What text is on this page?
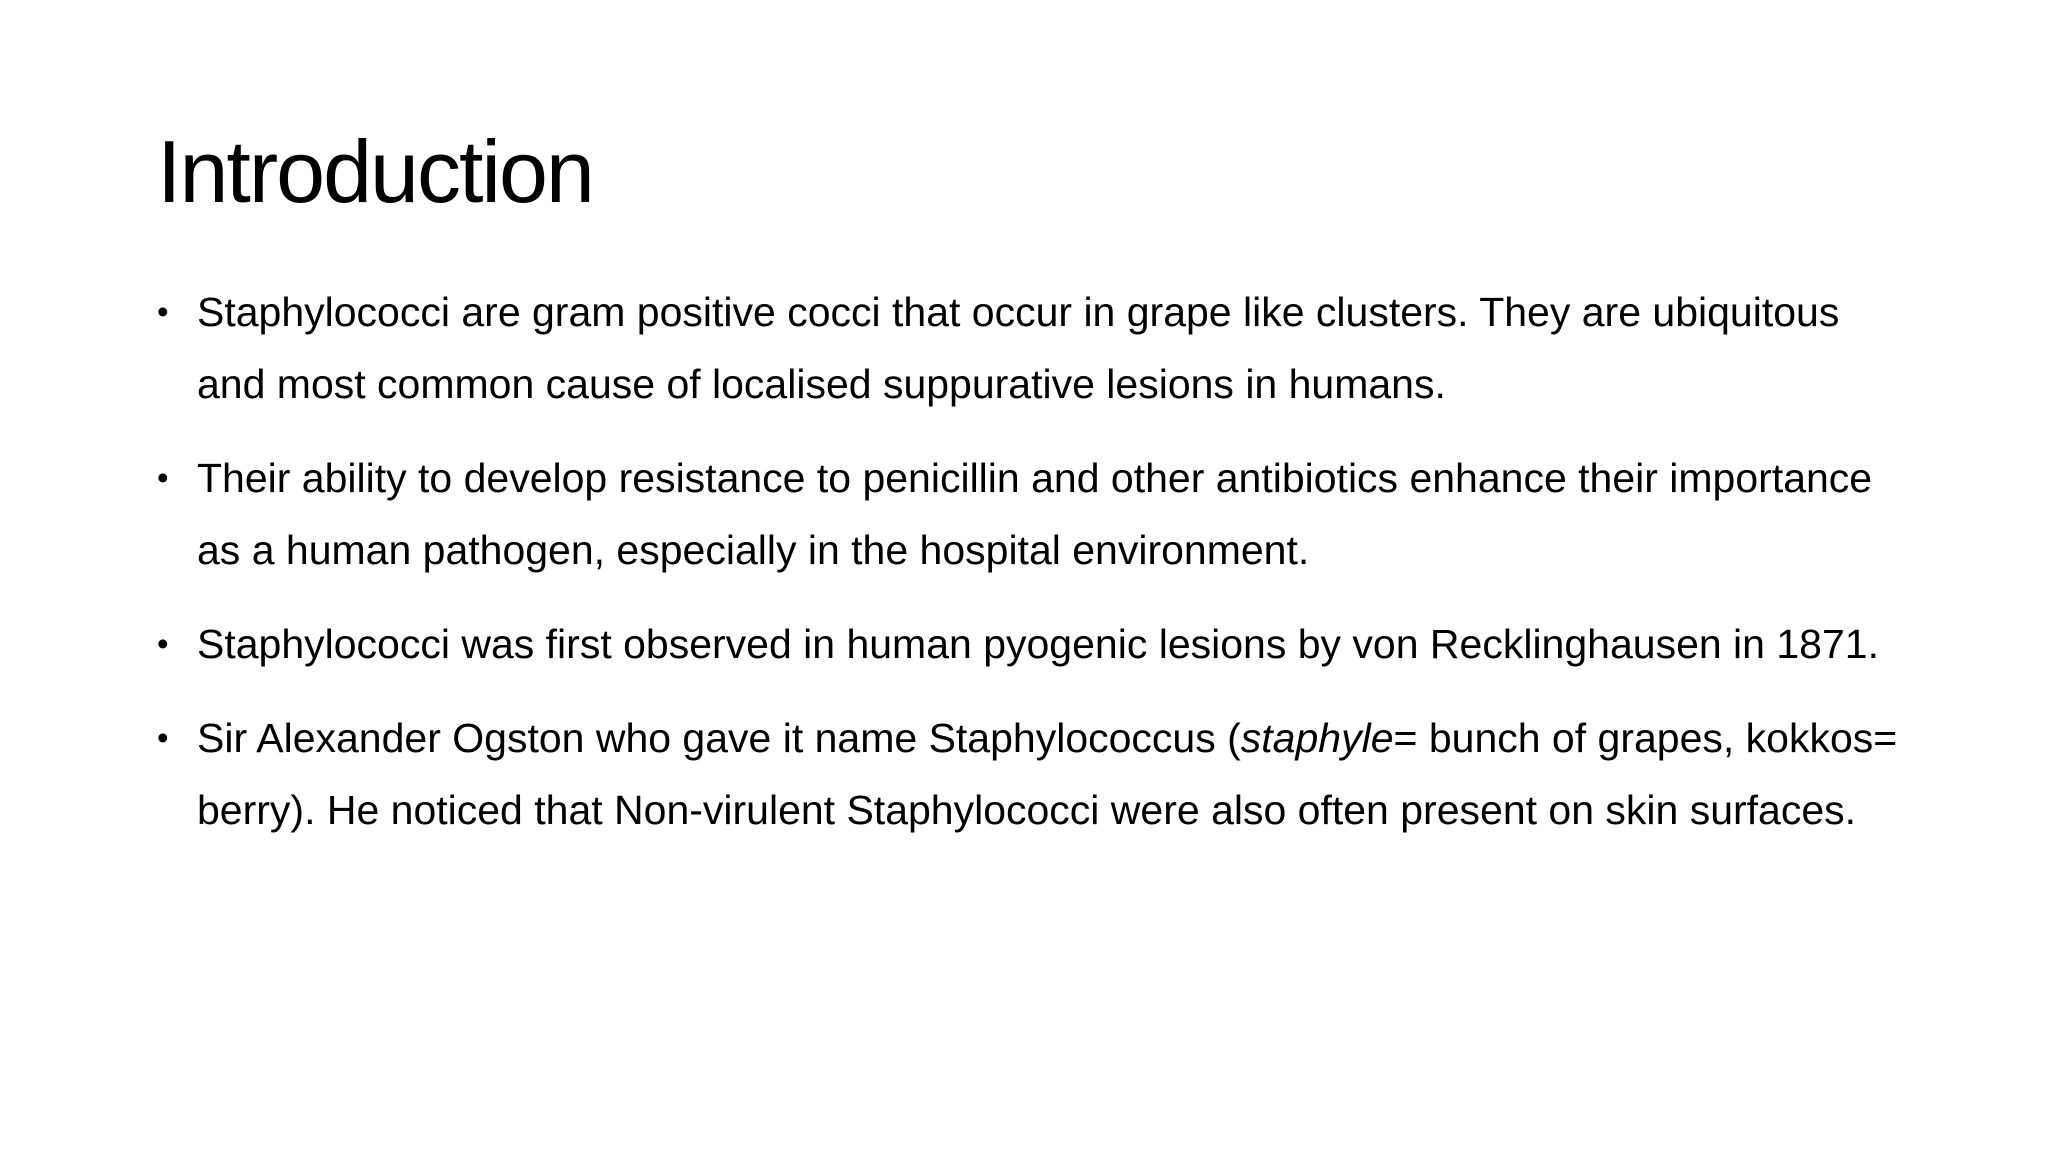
Introduction
• Staphylococci are gram positive cocci that occur in grape like clusters. They are ubiquitous and most common cause of localised suppurative lesions in humans.
• Their ability to develop resistance to penicillin and other antibiotics enhance their importance as a human pathogen, especially in the hospital environment.
• Staphylococci was first observed in human pyogenic lesions by von Recklinghausen in 1871.
• Sir Alexander Ogston who gave it name Staphylococcus (staphyle= bunch of grapes, kokkos= berry). He noticed that Non-virulent Staphylococci were also often present on skin surfaces.
